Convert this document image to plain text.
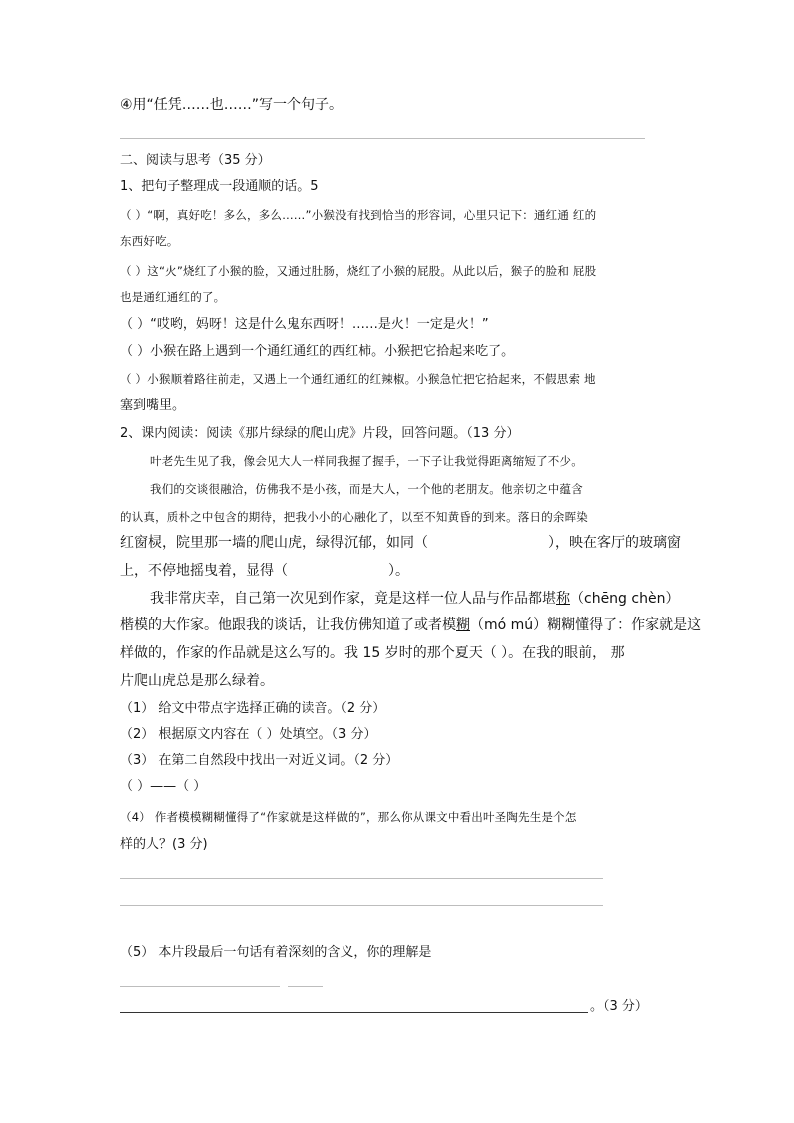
④用“任凭……也……”写一个句子。
二、阅读与思考（35 分）
1、把句子整理成一段通顺的话。5
（ ）“啊，真好吃！多么，多么……”小猴没有找到恰当的形容词，心里只记下：通红通 红的
东西好吃。
（ ）这“火”烧红了小猴的脸，又通过肚肠，烧红了小猴的屁股。从此以后，猴子的脸和 屁股
也是通红通红的了。
（ ）“哎哟，妈呀！这是什么鬼东西呀！……是火！一定是火！”
（ ）小猴在路上遇到一个通红通红的西红柿。小猴把它拾起来吃了。
（ ）小猴顺着路往前走，又遇上一个通红通红的红辣椒。小猴急忙把它拾起来，不假思索 地
塞到嘴里。
2、课内阅读：阅读《那片绿绿的爬山虎》片段，回答问题。（13 分）
叶老先生见了我，像会见大人一样同我握了握手，一下子让我觉得距离缩短了不少。
我们的交谈很融洽，仿佛我不是小孩，而是大人，一个他的老朋友。他亲切之中蕴含
的认真，质朴之中包含的期待，把我小小的心融化了，以至不知黄昏的到来。落日的余晖染
红窗棂，院里那一墙的爬山虎，绿得沉郁，如同（	），映在客厅的玻璃窗
上，不停地摇曳着，显得（	）。
我非常庆幸，自己第一次见到作家，竟是这样一位人品与作品都堪称（chēng chèn）
楷模的大作家。他跟我的谈话，让我仿佛知道了或者模糊（mó mú）糊糊懂得了：作家就是这
样做的，作家的作品就是这么写的。我 15 岁时的那个夏天（ ）。在我的眼前， 那
片爬山虎总是那么绿着。
（1） 给文中带点字选择正确的读音。（2 分）
（2） 根据原文内容在（ ）处填空。（3 分）
（3） 在第二自然段中找出一对近义词。（2 分）
（ ）——（ ）
（4） 作者模模糊糊懂得了“作家就是这样做的”，那么你从课文中看出叶圣陶先生是个怎
样的人？(3 分)
（5） 本片段最后一句话有着深刻的含义，你的理解是
。（3 分）
